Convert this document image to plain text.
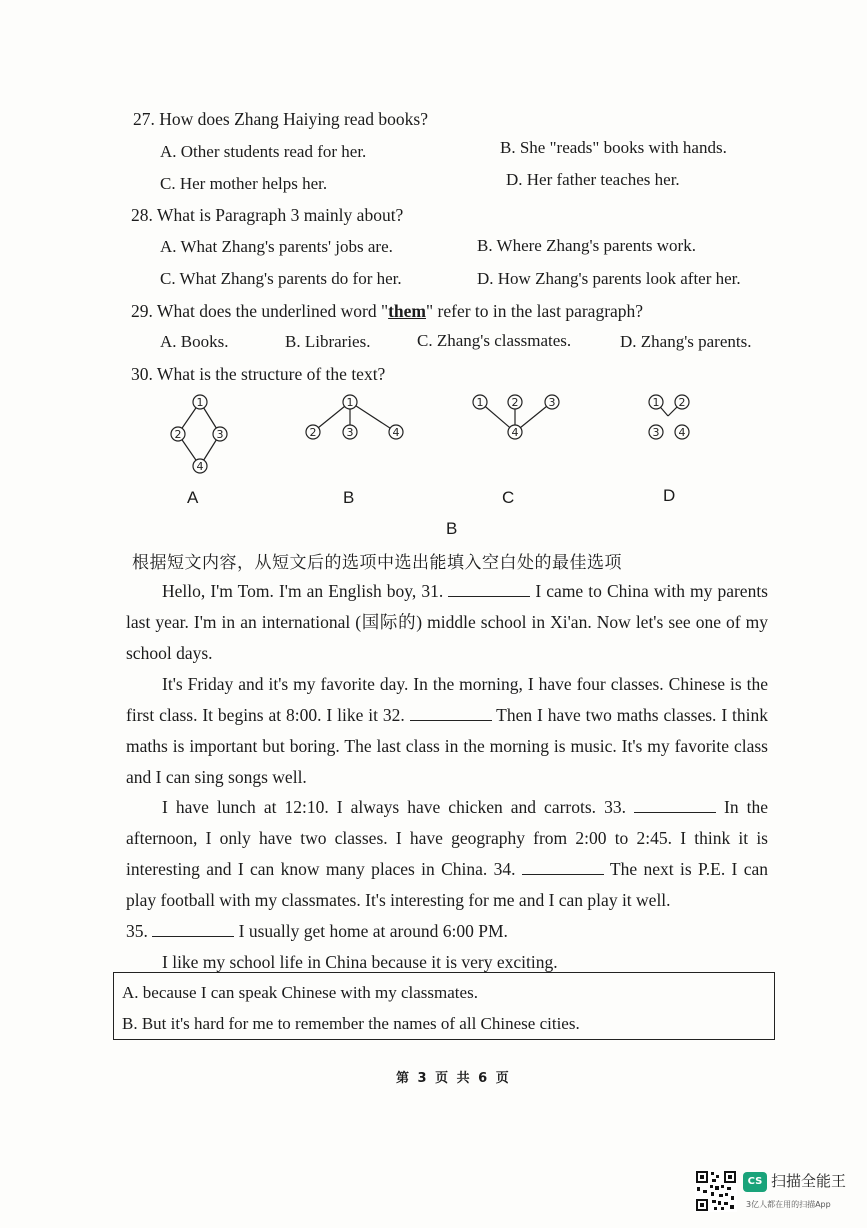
27. How does Zhang Haiying read books?
A. Other students read for her.	B. She "reads" books with hands.
C. Her mother helps her.	D. Her father teaches her.
28. What is Paragraph 3 mainly about?
A. What Zhang's parents' jobs are.	B. Where Zhang's parents work.
C. What Zhang's parents do for her.	D. How Zhang's parents look after her.
29. What does the underlined word "them" refer to in the last paragraph?
A. Books.	B. Libraries.	C. Zhang's classmates.	D. Zhang's parents.
30. What is the structure of the text?
1
2	3
4
1
2	3	4
1	2	3
4
1 2
3 4
A	B	C	D
B
根据短文内容，从短文后的选项中选出能填入空白处的最佳选项
Hello, I'm Tom. I'm an English boy, 31.	I came to China with my parents last year. I'm in an international (国际的) middle school in Xi'an. Now let's see one of my school days.
It's Friday and it's my favorite day. In the morning, I have four classes. Chinese is the first class. It begins at 8:00. I like it 32.	Then I have two maths classes. I think maths is important but boring. The last class in the morning is music. It's my favorite class and I can sing songs well.
I have lunch at 12:10. I always have chicken and carrots. 33.	In the afternoon, I only have two classes. I have geography from 2:00 to 2:45. I think it is interesting and I can know many places in China. 34.	The next is P.E. I can play football with my classmates. It's interesting for me and I can play it well.
35.	I usually get home at around 6:00 PM.
I like my school life in China because it is very exciting.
A. because I can speak Chinese with my classmates.
B. But it's hard for me to remember the names of all Chinese cities.
第 3 页 共 6 页
CS 扫描全能王
3亿人都在用的扫描App
